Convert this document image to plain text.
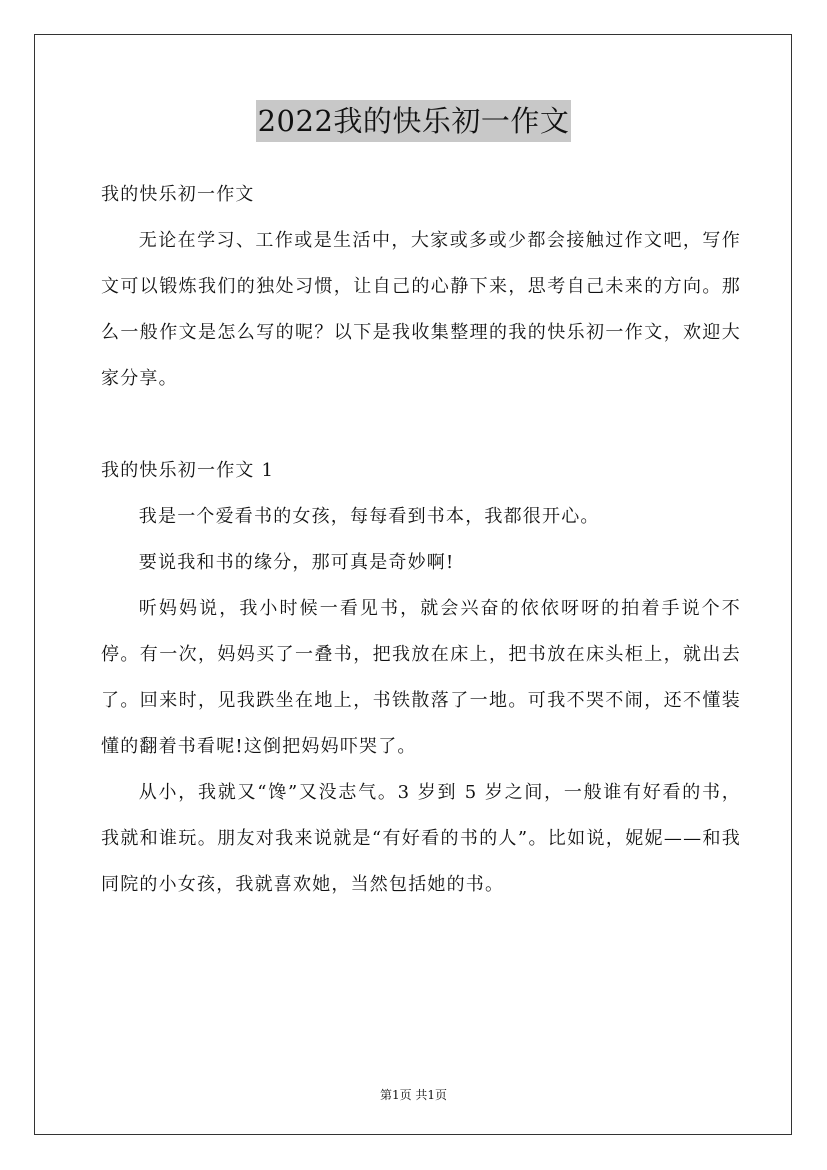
2022我的快乐初一作文

我的快乐初一作文

无论在学习、工作或是生活中，大家或多或少都会接触过作文吧，写作文可以锻炼我们的独处习惯，让自己的心静下来，思考自己未来的方向。那么一般作文是怎么写的呢？以下是我收集整理的我的快乐初一作文，欢迎大家分享。

我的快乐初一作文 1

我是一个爱看书的女孩，每每看到书本，我都很开心。

要说我和书的缘分，那可真是奇妙啊!

听妈妈说，我小时候一看见书，就会兴奋的依依呀呀的拍着手说个不停。有一次，妈妈买了一叠书，把我放在床上，把书放在床头柜上，就出去了。回来时，见我跌坐在地上，书铁散落了一地。可我不哭不闹，还不懂装懂的翻着书看呢!这倒把妈妈吓哭了。

从小，我就又“馋”又没志气。3 岁到 5 岁之间，一般谁有好看的书，我就和谁玩。朋友对我来说就是“有好看的书的人”。比如说，妮妮——和我同院的小女孩，我就喜欢她，当然包括她的书。

第1页 共1页
